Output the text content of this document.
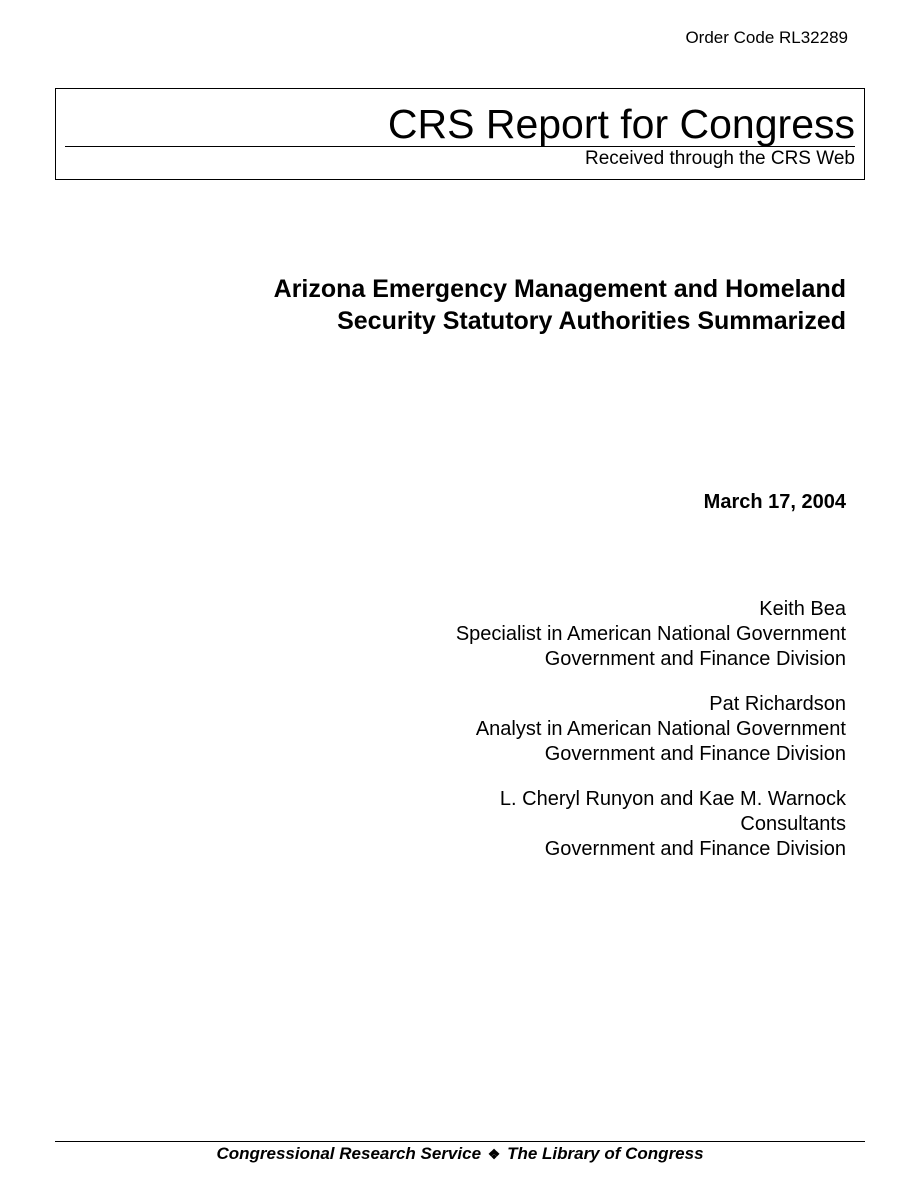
Order Code RL32289
CRS Report for Congress
Received through the CRS Web
Arizona Emergency Management and Homeland
Security Statutory Authorities Summarized
March 17, 2004
Keith Bea
Specialist in American National Government
Government and Finance Division
Pat Richardson
Analyst in American National Government
Government and Finance Division
L. Cheryl Runyon and Kae M. Warnock
Consultants
Government and Finance Division
Congressional Research Service ❖ The Library of Congress
